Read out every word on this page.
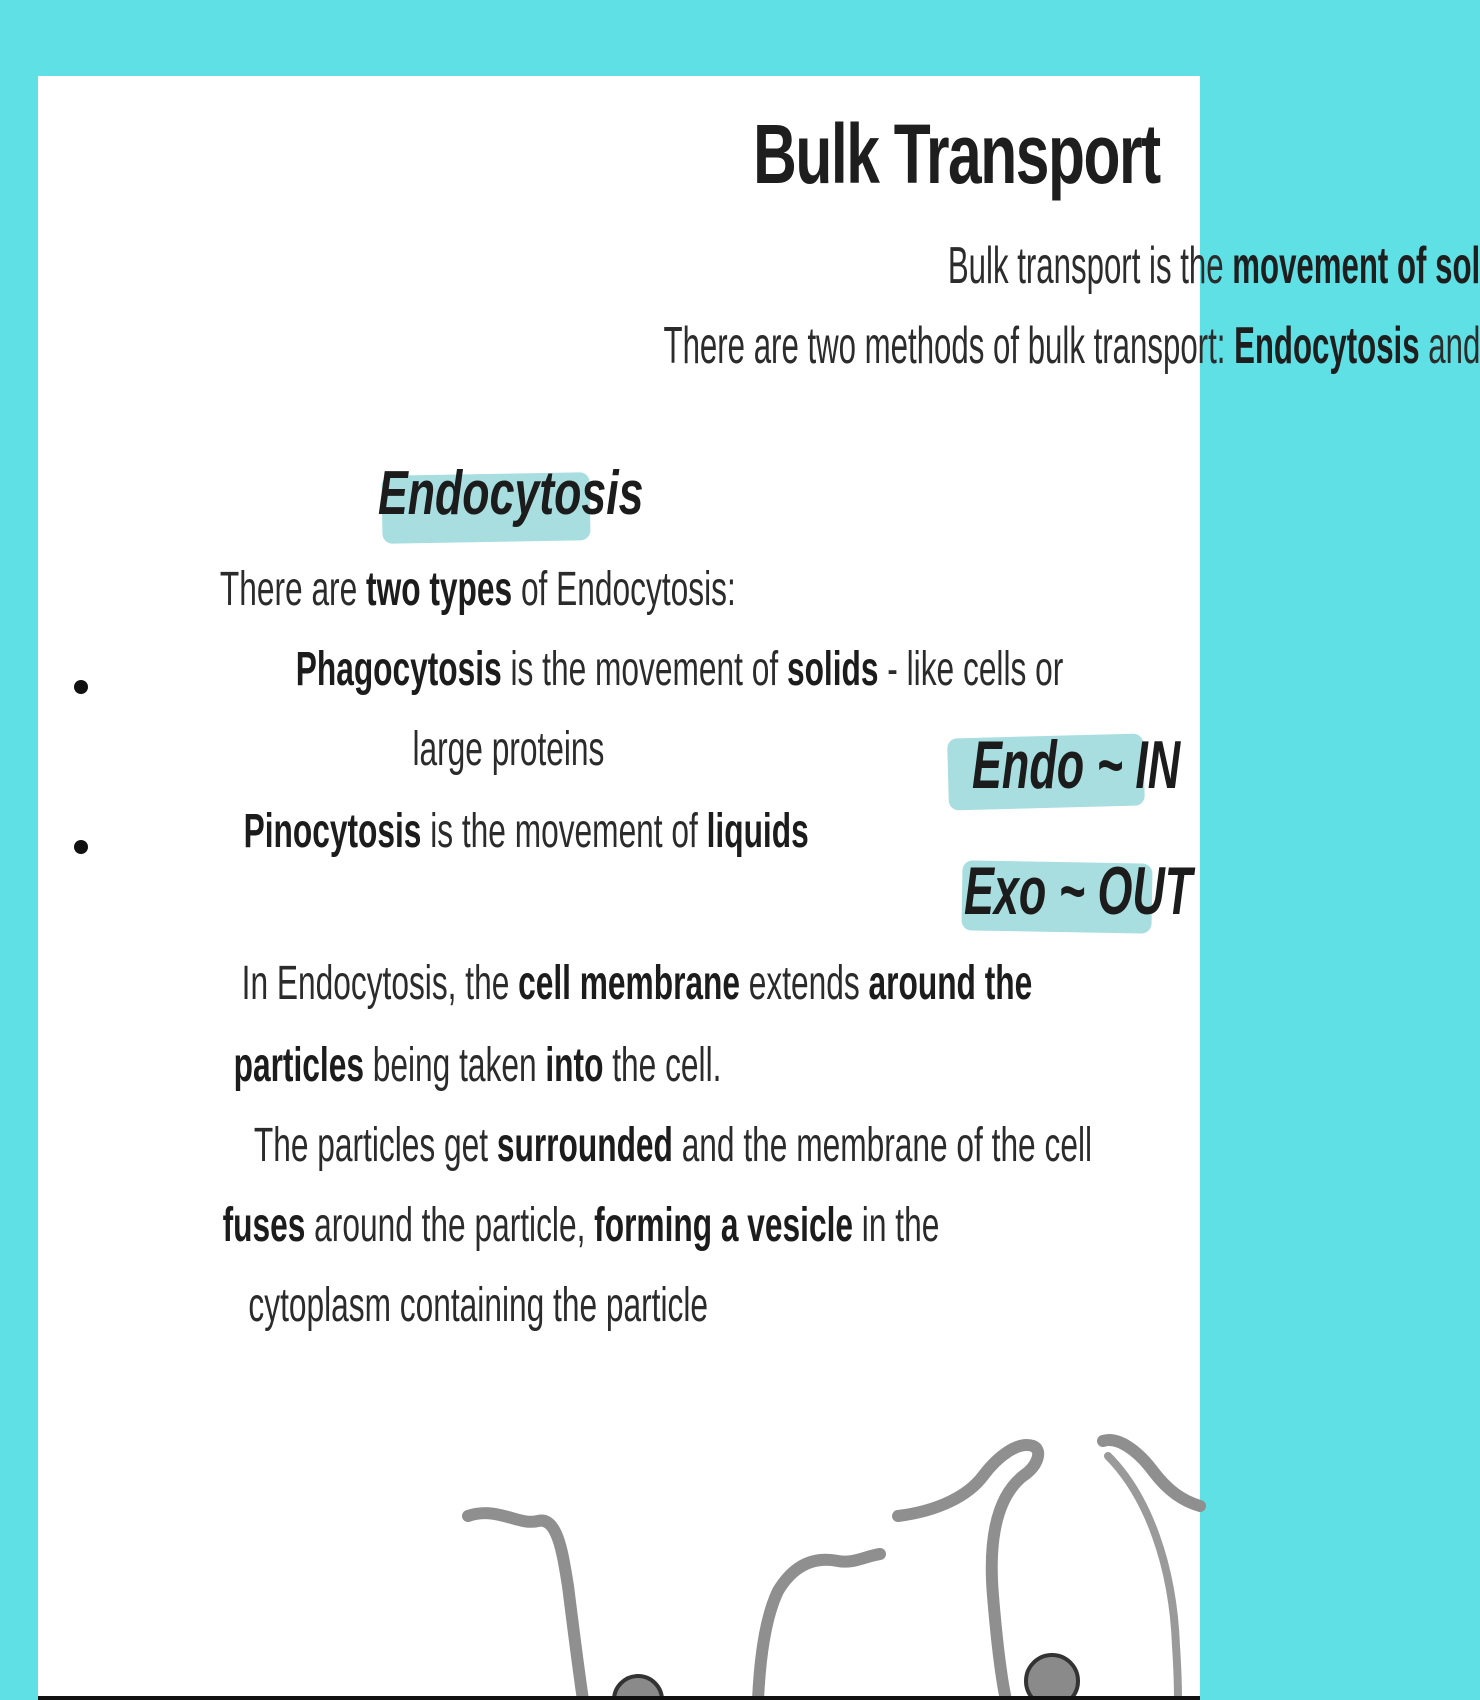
Bulk Transport
Bulk transport is the movement of sol
There are two methods of bulk transport: Endocytosis and
Endocytosis
There are two types of Endocytosis:
Phagocytosis is the movement of solids - like cells or
large proteins
Pinocytosis is the movement of liquids
In Endocytosis, the cell membrane extends around the
particles being taken into the cell.
The particles get surrounded and the membrane of the cell
fuses around the particle, forming a vesicle in the
cytoplasm containing the particle
Endo ~ IN
Exo ~ OUT
